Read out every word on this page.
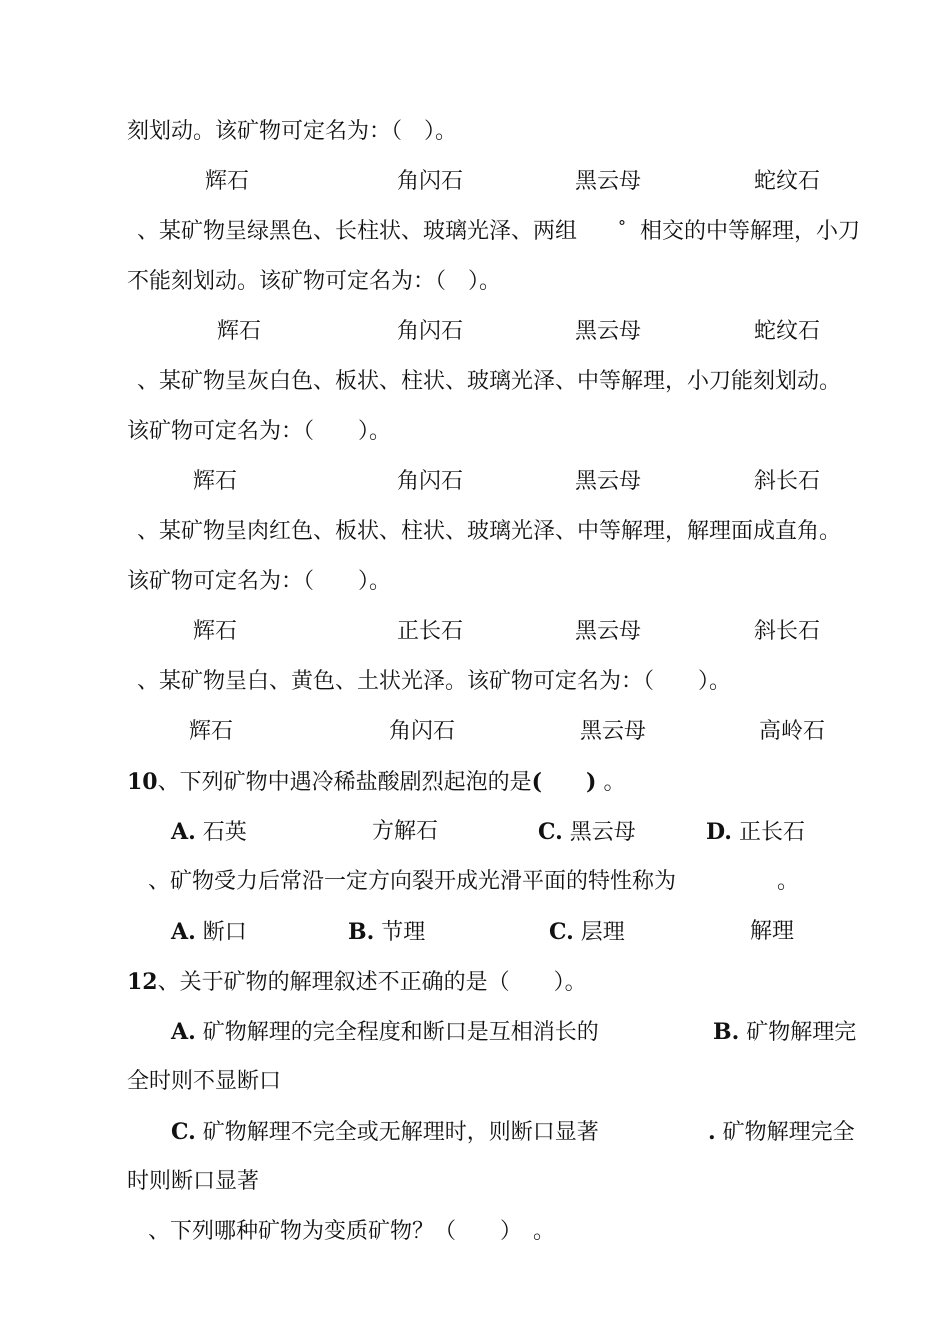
刻划动。该矿物可定名为：（　）。
辉石	角闪石	黑云母	蛇纹石
、某矿物呈绿黑色、长柱状、玻璃光泽、两组	° 相交的中等解理，小刀
不能刻划动。该矿物可定名为：（　）。
辉石	角闪石	黑云母	蛇纹石
、某矿物呈灰白色、板状、柱状、玻璃光泽、中等解理，小刀能刻划动。
该矿物可定名为：（　　）。
辉石	角闪石	黑云母	斜长石
、某矿物呈肉红色、板状、柱状、玻璃光泽、中等解理，解理面成直角。
该矿物可定名为：（　　）。
辉石	正长石	黑云母	斜长石
、某矿物呈白、黄色、土状光泽。该矿物可定名为：（　　）。
辉石	角闪石	黑云母	高岭石
10、下列矿物中遇冷稀盐酸剧烈起泡的是(　　) 。
A. 石英	方解石	C. 黑云母	D. 正长石
、矿物受力后常沿一定方向裂开成光滑平面的特性称为	。
A. 断口	B. 节理	C. 层理	解理
12、关于矿物的解理叙述不正确的是（　　）。
A. 矿物解理的完全程度和断口是互相消长的	B. 矿物解理完
全时则不显断口
C. 矿物解理不完全或无解理时，则断口显著	. 矿物解理完全
时则断口显著
、下列哪种矿物为变质矿物？（　　）　。
